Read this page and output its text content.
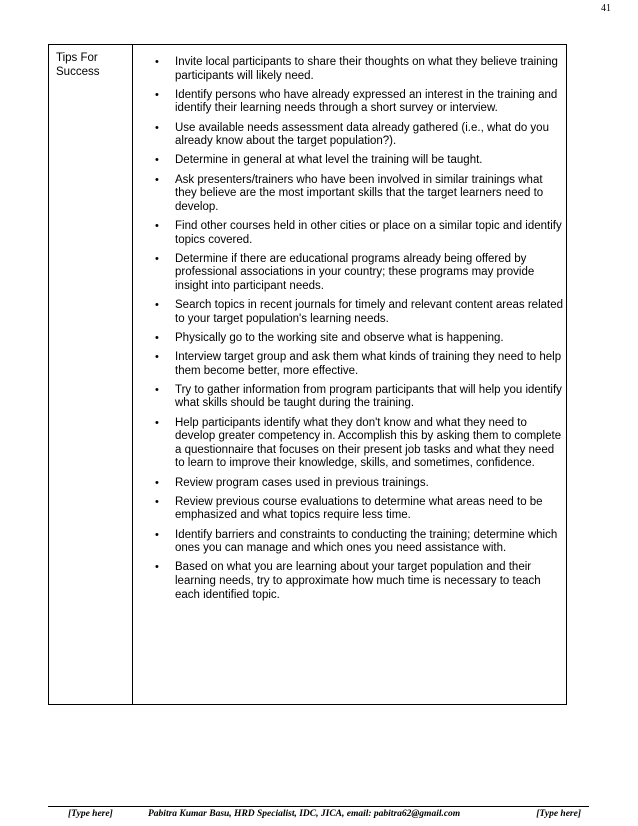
41
Tips For Success
• Invite local participants to share their thoughts on what they believe training participants will likely need.
• Identify persons who have already expressed an interest in the training and identify their learning needs through a short survey or interview.
• Use available needs assessment data already gathered (i.e., what do you already know about the target population?).
• Determine in general at what level the training will be taught.
• Ask presenters/trainers who have been involved in similar trainings what they believe are the most important skills that the target learners need to develop.
• Find other courses held in other cities or place on a similar topic and identify topics covered.
• Determine if there are educational programs already being offered by professional associations in your country; these programs may provide insight into participant needs.
• Search topics in recent journals for timely and relevant content areas related to your target population's learning needs.
• Physically go to the working site and observe what is happening.
• Interview target group and ask them what kinds of training they need to help them become better, more effective.
• Try to gather information from program participants that will help you identify what skills should be taught during the training.
• Help participants identify what they don't know and what they need to develop greater competency in. Accomplish this by asking them to complete a questionnaire that focuses on their present job tasks and what they need to learn to improve their knowledge, skills, and sometimes, confidence.
• Review program cases used in previous trainings.
• Review previous course evaluations to determine what areas need to be emphasized and what topics require less time.
• Identify barriers and constraints to conducting the training; determine which ones you can manage and which ones you need assistance with.
• Based on what you are learning about your target population and their learning needs, try to approximate how much time is necessary to teach each identified topic.
[Type here]	Pabitra Kumar Basu, HRD Specialist, IDC, JICA, email: pabitra62@gmail.com	[Type here]
